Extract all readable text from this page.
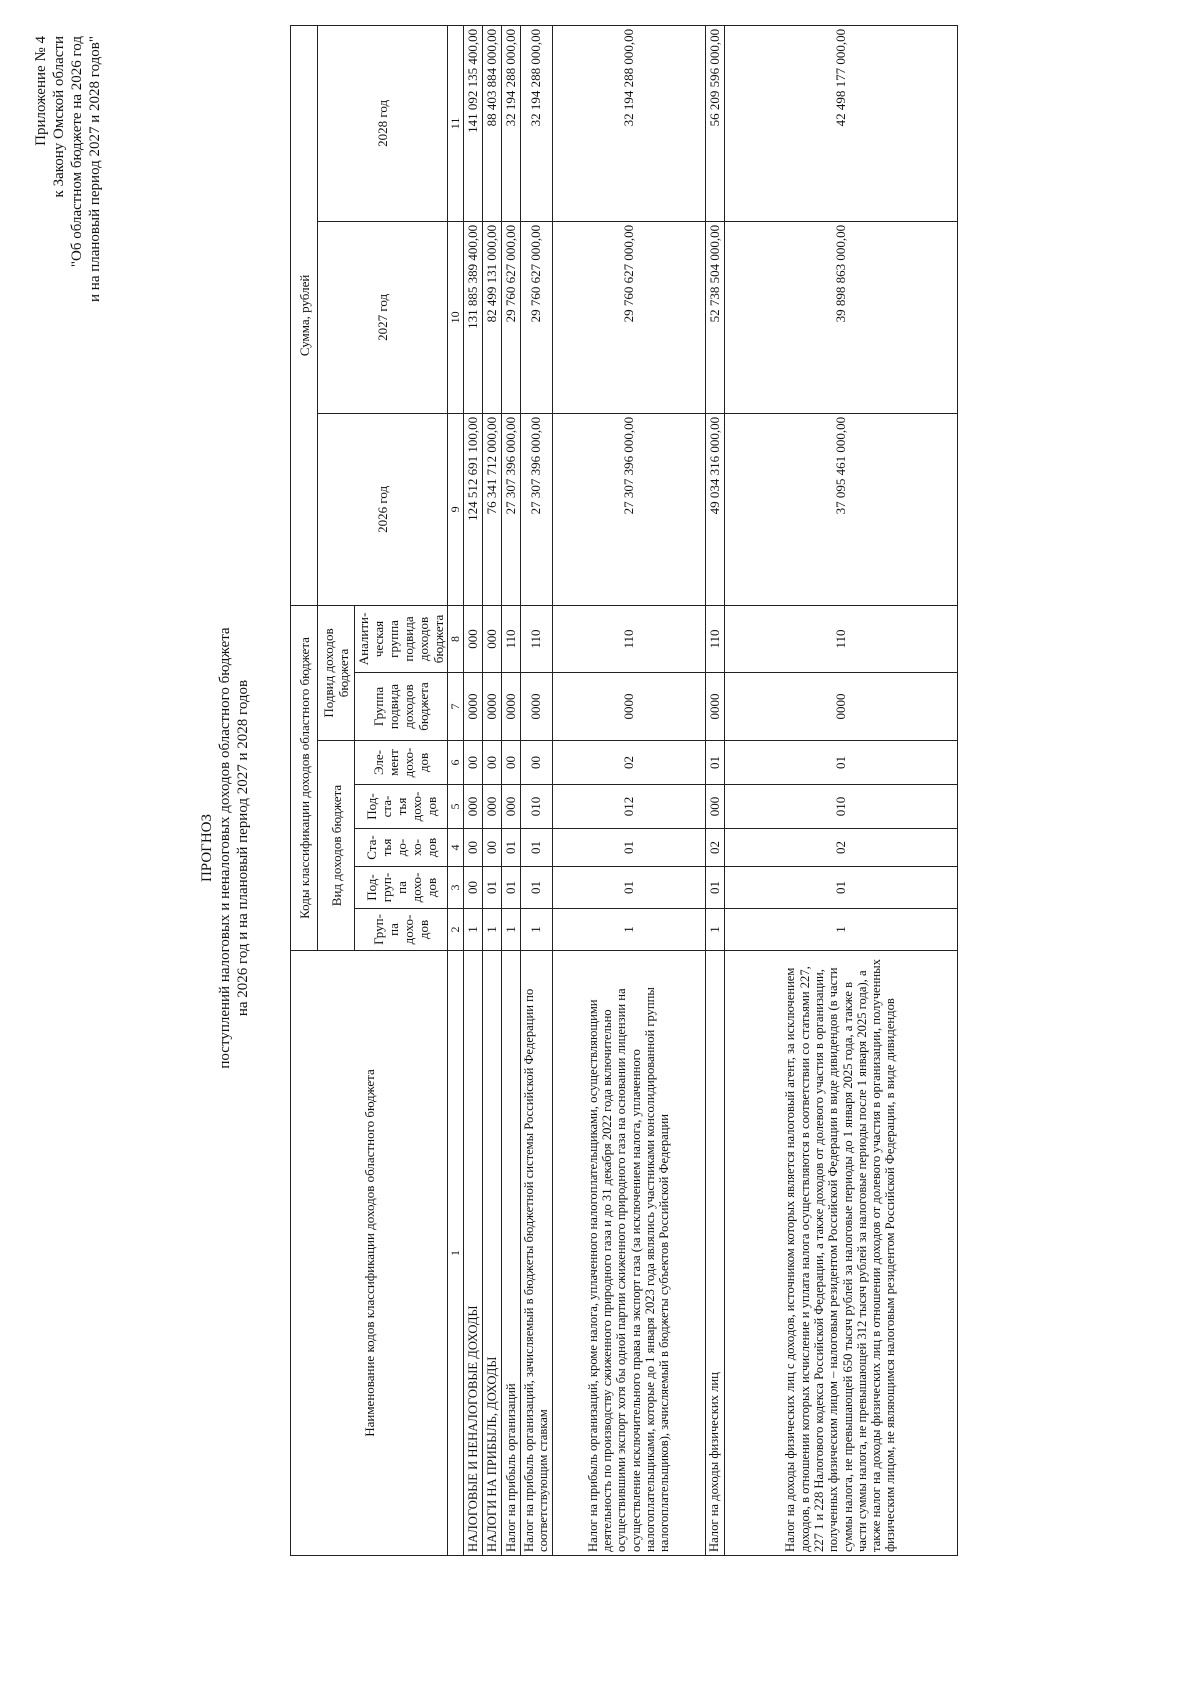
Приложение № 4 к Закону Омской области "Об областном бюджете на 2026 год и на плановый период 2027 и 2028 годов"
ПРОГНОЗ поступлений налоговых и неналоговых доходов областного бюджета на 2026 год и на плановый период 2027 и 2028 годов
Наименование кодов классификации доходов областного бюджета	Коды классификации доходов областного бюджета							Сумма, рублей		
	Вид доходов бюджета					Подвид доходов бюджета		2026 год	2027 год	2028 год
	Груп-па дохо-дов	Под-груп-па дохо-дов	Ста-тья до-хо-дов	Под-ста-тья дохо-дов	Эле-мент дохо-дов	Группа подвида доходов бюджета	Аналити-ческая группа подвида доходов бюджета			
1	2	3	4	5	6	7	8	9	10	11
НАЛОГОВЫЕ И НЕНАЛОГОВЫЕ ДОХОДЫ	1	00	00	000	00	0000	000	124 512 691 100,00	131 885 389 400,00	141 092 135 400,00
НАЛОГИ НА ПРИБЫЛЬ, ДОХОДЫ	1	01	00	000	00	0000	000	76 341 712 000,00	82 499 131 000,00	88 403 884 000,00
Налог на прибыль организаций	1	01	01	000	00	0000	110	27 307 396 000,00	29 760 627 000,00	32 194 288 000,00
Налог на прибыль организаций, зачисляемый в бюджеты бюджетной системы Российской Федерации по соответствующим ставкам	1	01	01	010	00	0000	110	27 307 396 000,00	29 760 627 000,00	32 194 288 000,00
Налог на прибыль организаций, кроме налога, уплаченного налогоплательщиками, осуществляющими деятельность по производству сжиженного природного газа и до 31 декабря 2022 года включительно осуществившими экспорт хотя бы одной партии сжиженного природного газа на основании лицензии на осуществление исключительного права на экспорт газа (за исключением налога, уплаченного налогоплательщиками, которые до 1 января 2023 года являлись участниками консолидированной группы налогоплательщиков), зачисляемый в бюджеты субъектов Российской Федерации	1	01	01	012	02	0000	110	27 307 396 000,00	29 760 627 000,00	32 194 288 000,00
Налог на доходы физических лиц	1	01	02	000	01	0000	110	49 034 316 000,00	52 738 504 000,00	56 209 596 000,00
Налог на доходы физических лиц с доходов, источником которых является налоговый агент, за исключением доходов, в отношении которых исчисление и уплата налога осуществляются в соответствии со статьями 227, 227 1 и 228 Налогового кодекса Российской Федерации, а также доходов от долевого участия в организации, полученных физическим лицом – налоговым резидентом Российской Федерации в виде дивидендов (в части суммы налога, не превышающей 650 тысяч рублей за налоговые периоды до 1 января 2025 года, а также в части суммы налога, не превышающей 312 тысяч рублей за налоговые периоды после 1 января 2025 года), а также налог на доходы физических лиц в отношении доходов от долевого участия в организации, полученных физическим лицом, не являющимся налоговым резидентом Российской Федерации, в виде дивидендов	1	01	02	010	01	0000	110	37 095 461 000,00	39 898 863 000,00	42 498 177 000,00
